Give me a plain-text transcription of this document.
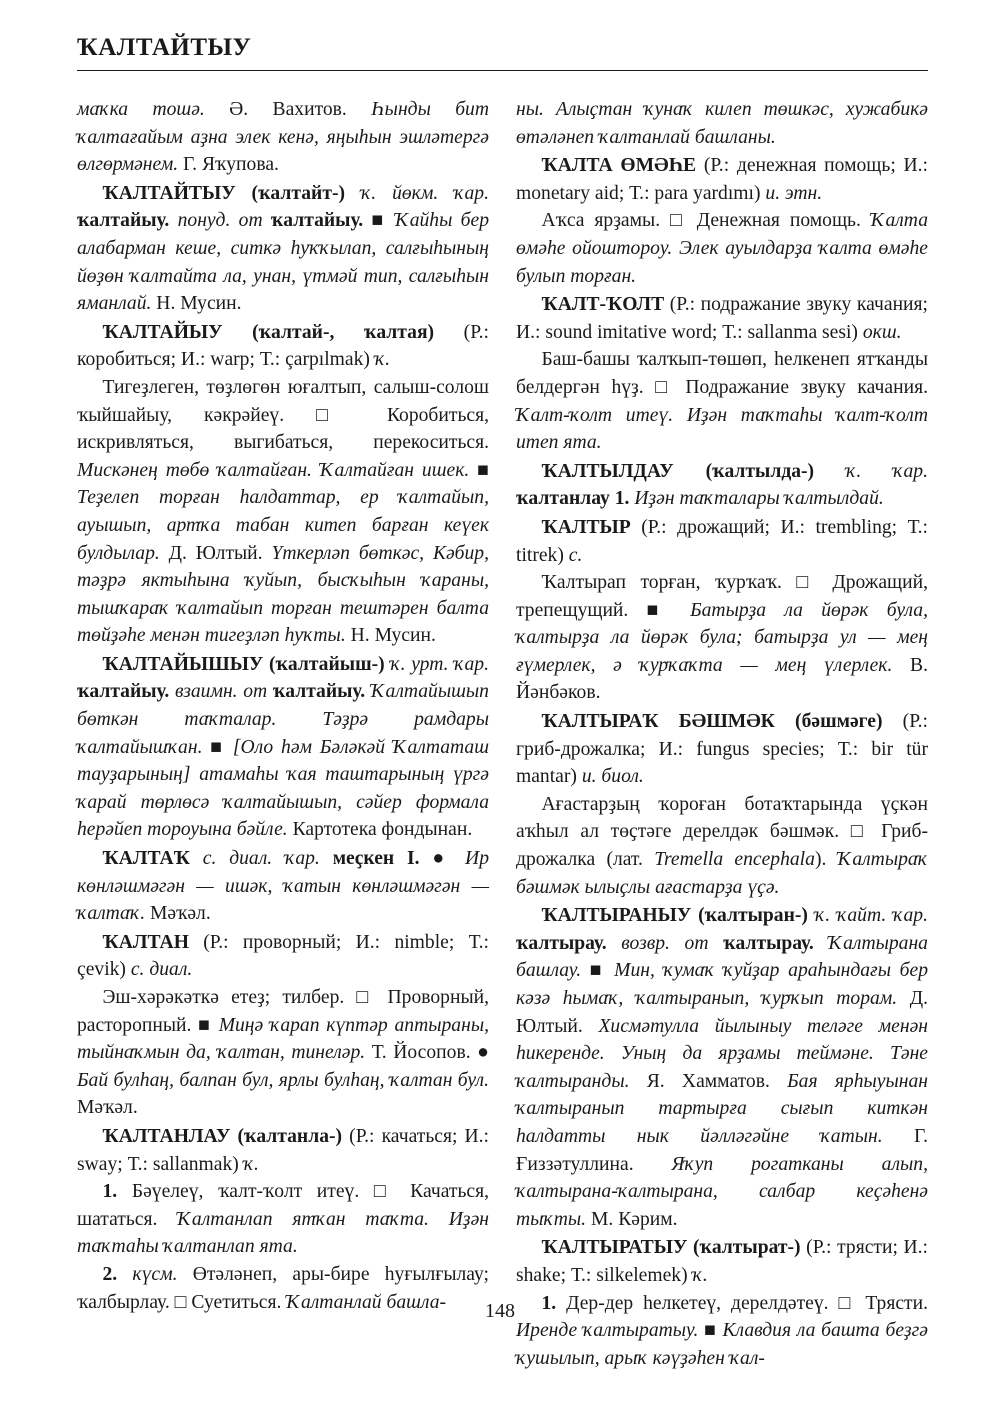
ҠАЛТАЙТЫУ

маҡка тошә. Ә. Вахитов. Һынды бит ҡалтағайым аҙна элек кенә, яңыһын эшләтергә өлгөрмәнем. Г. Яҡупова.

ҠАЛТАЙТЫУ (ҡалтайт-) ҡ. йөкм. ҡар. ҡалтайыу. понуд. от ҡалтайыу. ■ Ҡайһы бер алабарман кеше, ситкә һуҡҡылап, салғыһының йөҙөн ҡалтайта ла, унан, үтмәй тип, салғыһын яманлай. Н. Мусин.

ҠАЛТАЙЫУ (ҡалтай-, ҡалтая) (Р.: коробиться; И.: warp; Т.: çarpılmak) ҡ.

Тигеҙлеген, төҙлөгөн юғалтып, салыш-солош ҡыйшайыу, кәкрәйеү. □ Коробиться, искривляться, выгибаться, перекоситься. Мискәнең төбө ҡалтайған. Ҡалтайған ишек. ■ Теҙелеп торған һалдаттар, ер ҡалтайып, ауышып, артҡа табан китеп барған кеүек булдылар. Д. Юлтый. Үткерләп бөткәс, Кәбир, тәҙрә яктыһына ҡуйып, бысҡыһын ҡараны, тышҡараҡ ҡалтайып торған тештәрен балта төйҙәһе менән тигеҙләп һуҡты. Н. Мусин.

ҠАЛТАЙЫШЫУ (ҡалтайыш-) ҡ. урт. ҡар. ҡалтайыу. взаимн. от ҡалтайыу. Ҡалтайышып бөткән таҡталар. Тәҙрә рамдары ҡалтайышҡан. ■ [Оло һәм Бәләкәй Ҡалтаташ тауҙарының] атамаһы ҡая таштарының үргә ҡарай төрлөсә ҡалтайышып, сәйер формала һерәйеп тороуына бәйле. Картотека фондынан.

ҠАЛТАҠ с. диал. ҡар. меҫкен I. ● Ир көнләшмәгән — ишәк, ҡатын көнләшмәгән — ҡалтаҡ. Мәҡәл.

ҠАЛТАН (Р.: проворный; И.: nimble; Т.: çevik) с. диал.

Эш-хәрәкәткә етеҙ; тилбер. □ Проворный, расторопный. ■ Миңә ҡарап күптәр аптыраны, тыйнаҡмын да, ҡалтан, тинеләр. Т. Йосопов. ● Бай булһаң, балпан бул, ярлы булһаң, ҡалтан бул. Мәҡәл.

ҠАЛТАНЛАУ (ҡалтанла-) (Р.: качаться; И.: sway; Т.: sallanmak) ҡ.

1. Бәүелеү, ҡалт-ҡолт итеү. □ Качаться, шататься. Ҡалтанлап ятҡан таҡта. Иҙән таҡтаһы ҡалтанлап ята.

2. күсм. Өтәләнеп, ары-бире һуғылғылау; ҡалбырлау. □ Суетиться. Ҡалтанлай башла-

ны. Алыҫтан ҡунаҡ килеп төшкәс, хужабикә өтәләнеп ҡалтанлай башланы.

ҠАЛТА ӨМӘҺЕ (Р.: денежная помощь; И.: monetary aid; Т.: para yardımı) и. этн.

Аҡса ярҙамы. □ Денежная помощь. Ҡалта өмәһе ойошторoу. Элек ауылдарҙа ҡалта өмәһе булып торған.

ҠАЛТ-ҠОЛТ (Р.: подражание звуку качания; И.: sound imitative word; Т.: sallanma sesi) окш.

Баш-башы ҡалҡып-төшөп, һелкенеп ятҡанды белдергән һүҙ. □ Подражание звуку качания. Ҡалт-ҡолт итеү. Иҙән таҡтаһы ҡалт-ҡолт итеп ята.

ҠАЛТЫЛДАУ (ҡалтылда-) ҡ. ҡар. ҡалтанлау 1. Иҙән таҡталары ҡалтылдай.

ҠАЛТЫР (Р.: дрожащий; И.: trembling; Т.: titrek) с.

Ҡалтырап торған, ҡурҡаҡ. □ Дрожащий, трепещущий. ■ Батырҙа ла йөрәк була, ҡалтырҙа ла йөрәк була; батырҙа ул — мең ғүмерлек, ә ҡурҡаҡта — мең үлерлек. В. Йәнбәков.

ҠАЛТЫРАҠ БӘШМӘК (бәшмәге) (Р.: гриб-дрожалка; И.: fungus species; Т.: bir tür mantar) и. биол.

Ағастарҙың ҡороған ботаҡтарында үҫкән аҡһыл ал төҫтәге дерелдәк бәшмәк. □ Гриб-дрожалка (лат. Tremella encephala). Ҡалтыраҡ бәшмәк ылыҫлы ағастарҙа үҫә.

ҠАЛТЫРАНЫУ (ҡалтыран-) ҡ. ҡайт. ҡар. ҡалтырау. возвр. от ҡалтырау. Ҡалтырана башлау. ■ Мин, ҡумаҡ ҡуйҙар араһындағы бер кәзә һымаҡ, ҡалтыранып, ҡурҡып торам. Д. Юлтый. Хисмәтулла йылыныу теләге менән һикерендe. Уның да ярҙамы теймәне. Тәне ҡалтыранды. Я. Хамматов. Бая ярһыуынан ҡалтыранып тартырға сығып киткән һалдатты нык йәлләгәйне ҡатын. Г. Ғиззәтуллина. Яҡуп рогатканы алып, ҡалтырана-ҡалтырана, салбар кеҫәһенә тыҡты. М. Кәрим.

ҠАЛТЫРАТЫУ (ҡалтырат-) (Р.: трясти; И.: shake; Т.: silkelemek) ҡ.

1. Дер-дер һелкетеү, дерелдәтеү. □ Трясти. Иренде ҡалтыратыу. ■ Клавдия ла башта беҙгә ҡушылып, арыҡ кәүҙәһен ҡал-

148
